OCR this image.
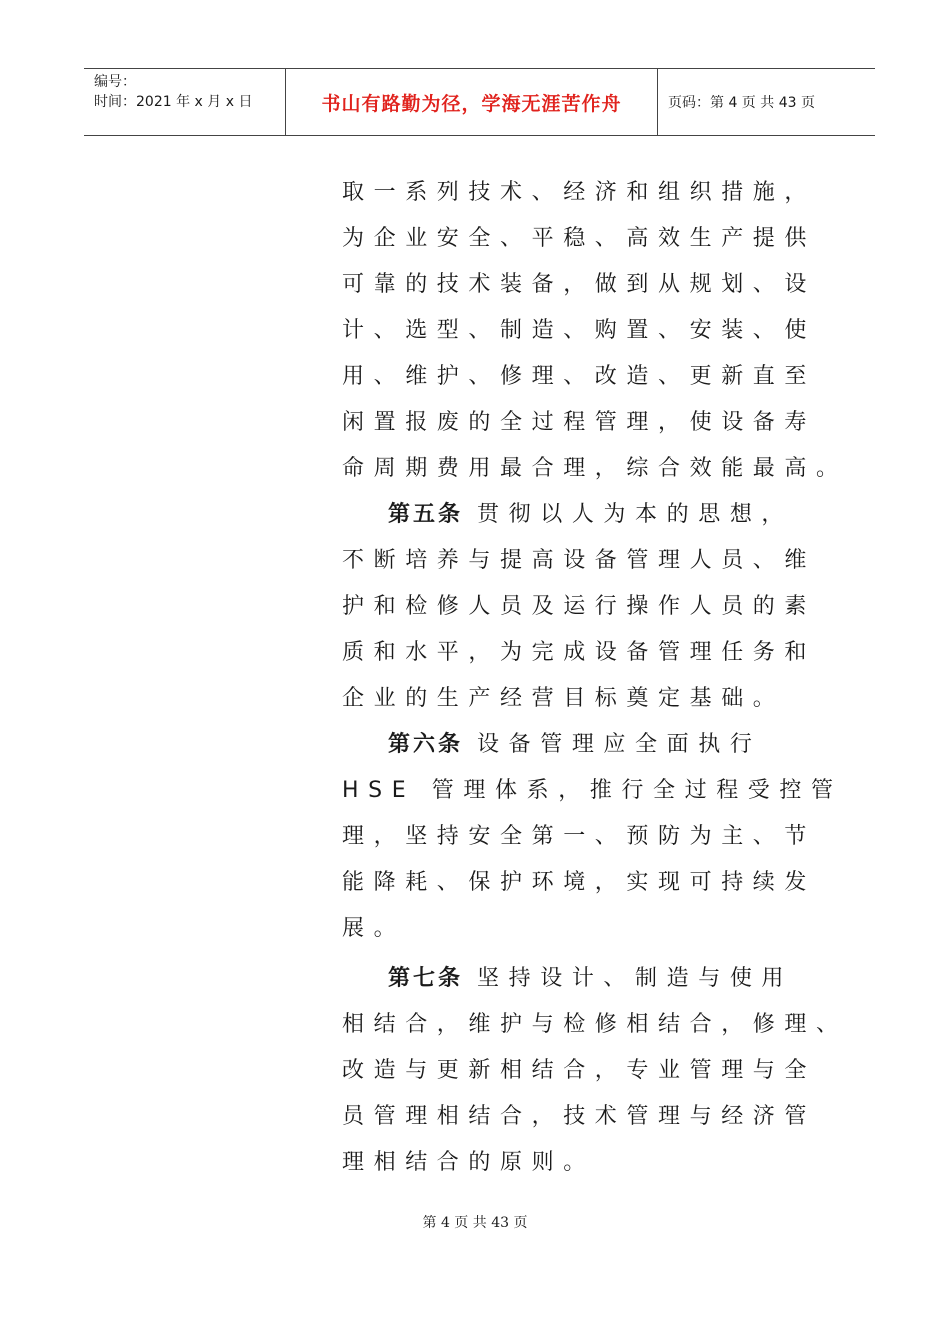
编号：
时间：2021 年 x 月 x 日	书山有路勤为径，学海无涯苦作舟	页码：第 4 页 共 43 页
取一系列技术、经济和组织措施，
为企业安全、平稳、高效生产提供
可靠的技术装备，做到从规划、设
计、选型、制造、购置、安装、使
用、维护、修理、改造、更新直至
闲置报废的全过程管理，使设备寿
命周期费用最合理，综合效能最高。
第五条 贯彻以人为本的思想，
不断培养与提高设备管理人员、维
护和检修人员及运行操作人员的素
质和水平，为完成设备管理任务和
企业的生产经营目标奠定基础。
第六条 设备管理应全面执行
HSE 管理体系，推行全过程受控管
理，坚持安全第一、预防为主、节
能降耗、保护环境，实现可持续发
展。
第七条 坚持设计、制造与使用
相结合，维护与检修相结合，修理、
改造与更新相结合，专业管理与全
员管理相结合，技术管理与经济管
理相结合的原则。
第 4 页 共 43 页
